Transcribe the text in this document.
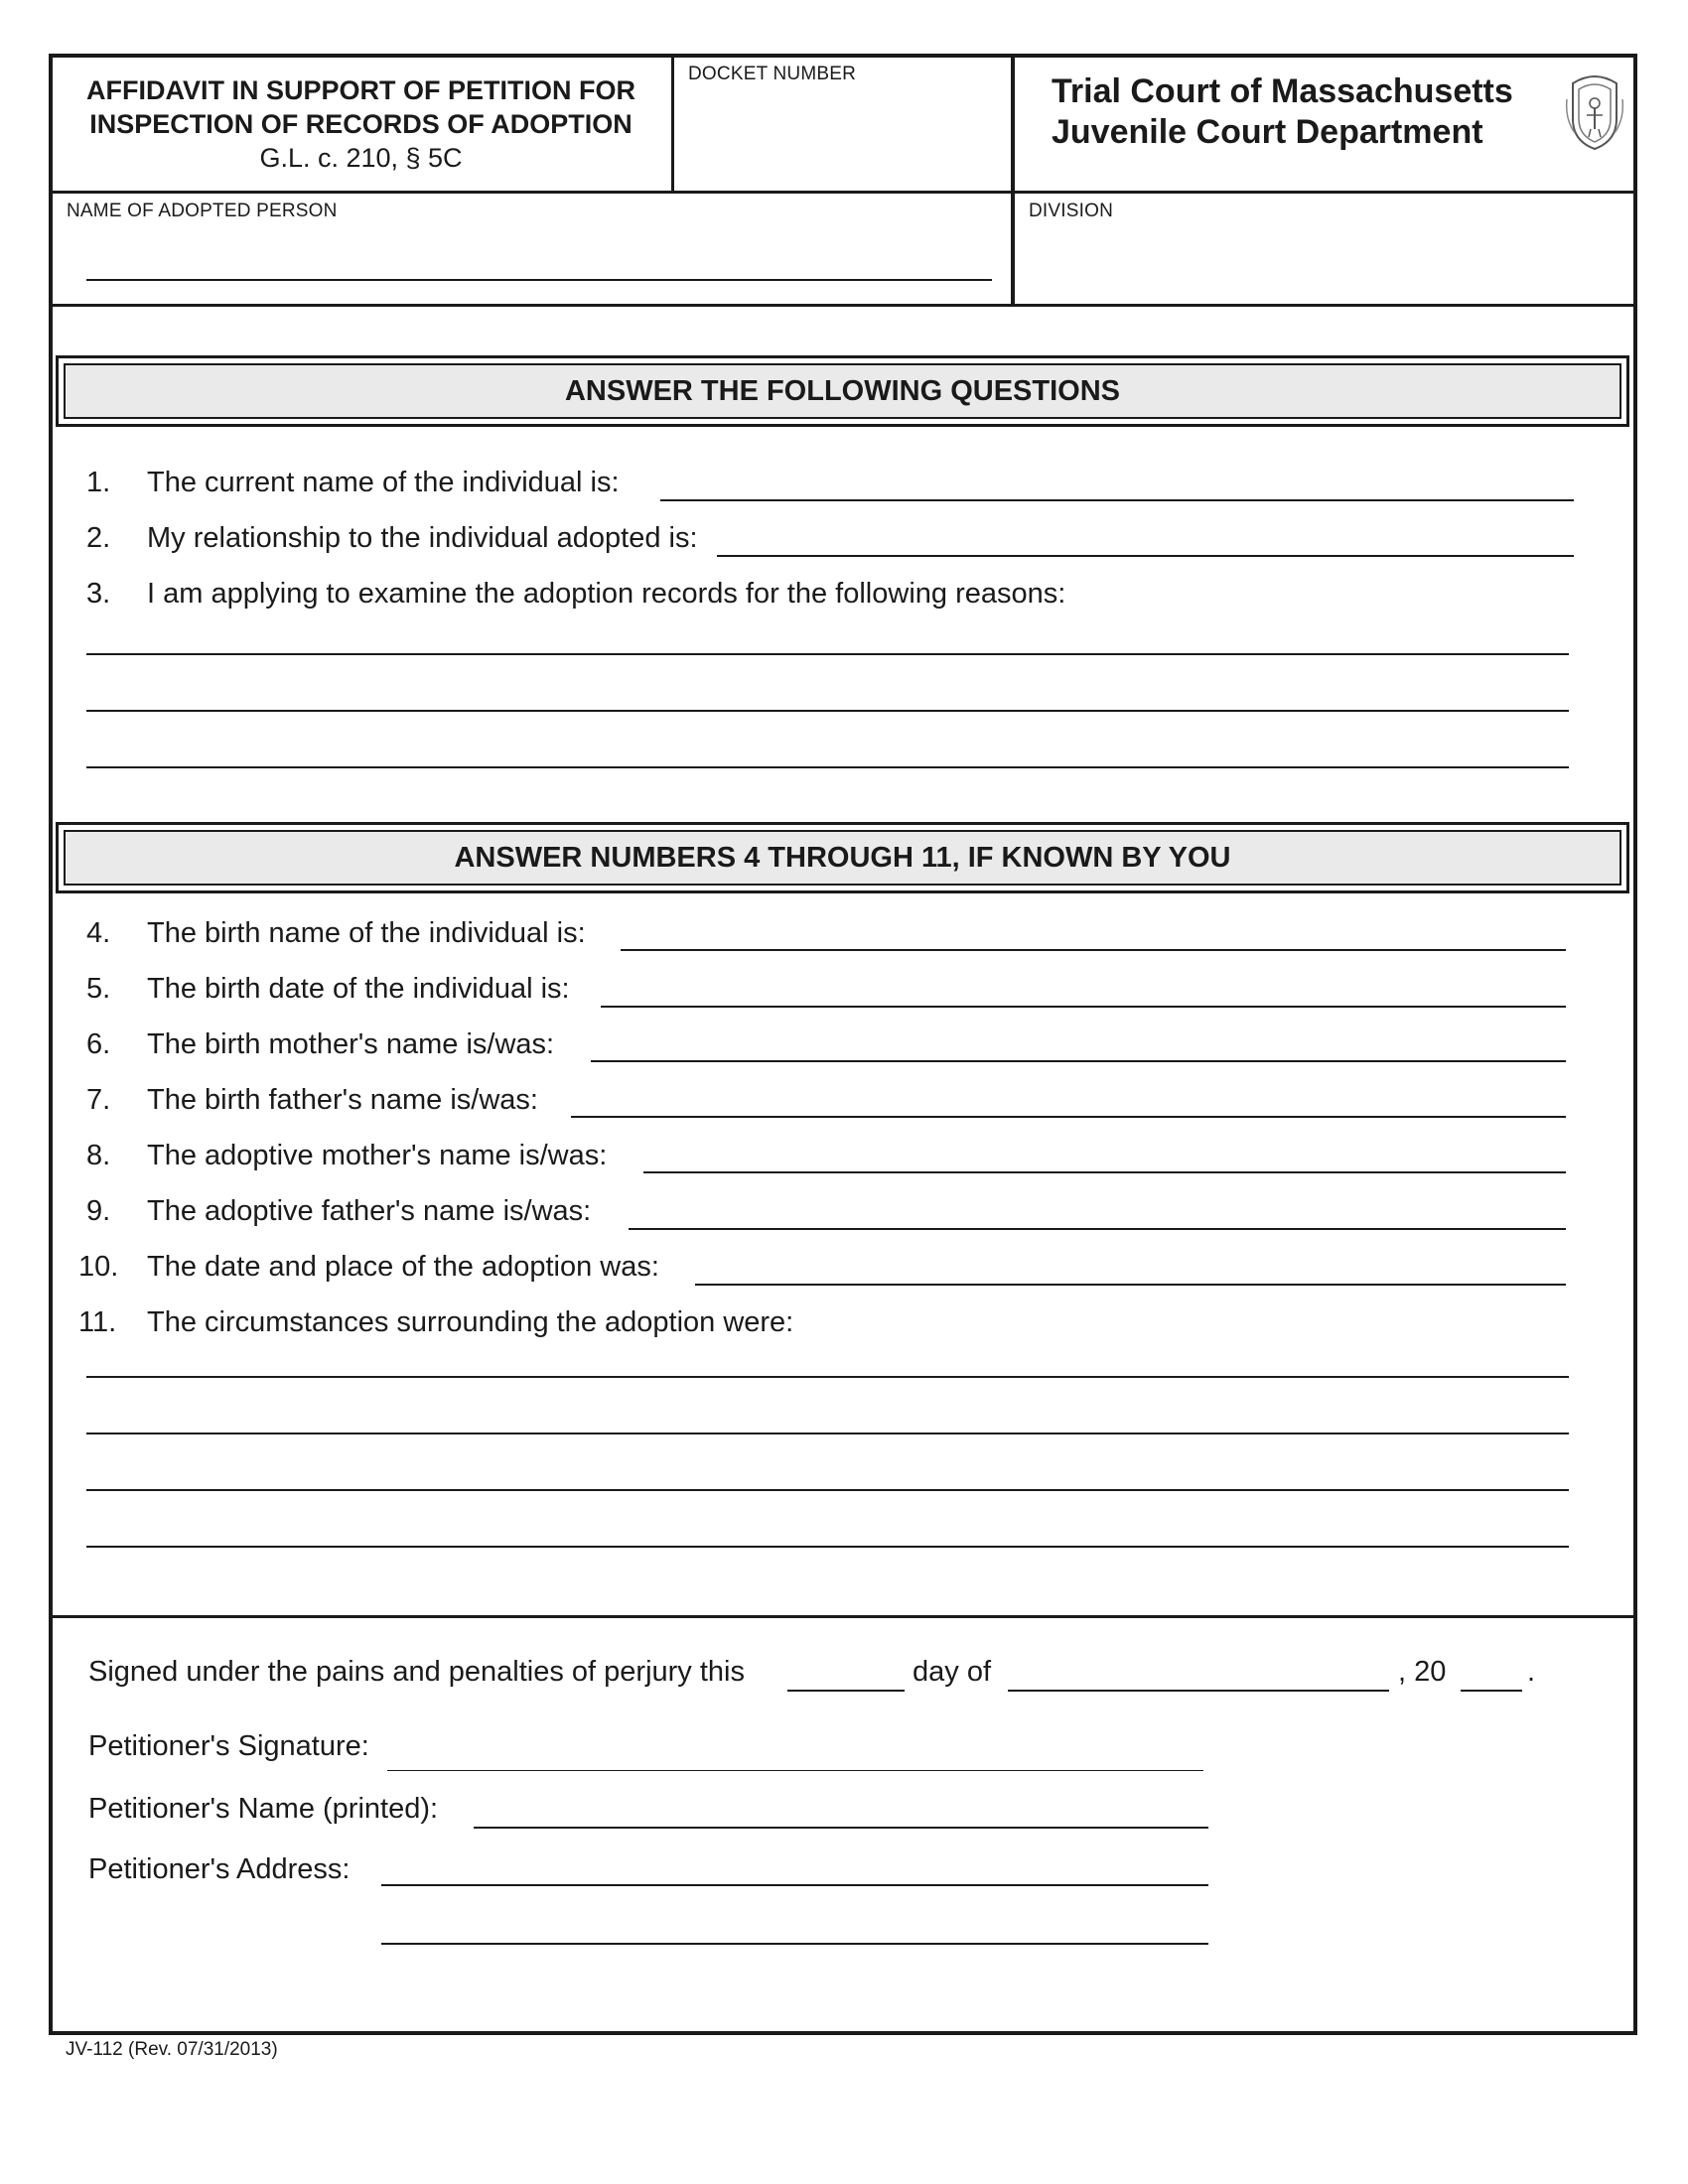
AFFIDAVIT IN SUPPORT OF PETITION FOR
INSPECTION OF RECORDS OF ADOPTION
G.L. c. 210, § 5C
DOCKET NUMBER	Trial Court of Massachusetts
Juvenile Court Department
NAME OF ADOPTED PERSON	DIVISION
ANSWER THE FOLLOWING QUESTIONS
1. The current name of the individual is:
2. My relationship to the individual adopted is:
3. I am applying to examine the adoption records for the following reasons:
ANSWER NUMBERS 4 THROUGH 11, IF KNOWN BY YOU
4. The birth name of the individual is:
5. The birth date of the individual is:
6. The birth mother's name is/was:
7. The birth father's name is/was:
8. The adoptive mother's name is/was:
9. The adoptive father's name is/was:
10. The date and place of the adoption was:
11. The circumstances surrounding the adoption were:
Signed under the pains and penalties of perjury this	day of	, 20	.
Petitioner's Signature:
Petitioner's Name (printed):
Petitioner's Address:
JV-112 (Rev. 07/31/2013)
